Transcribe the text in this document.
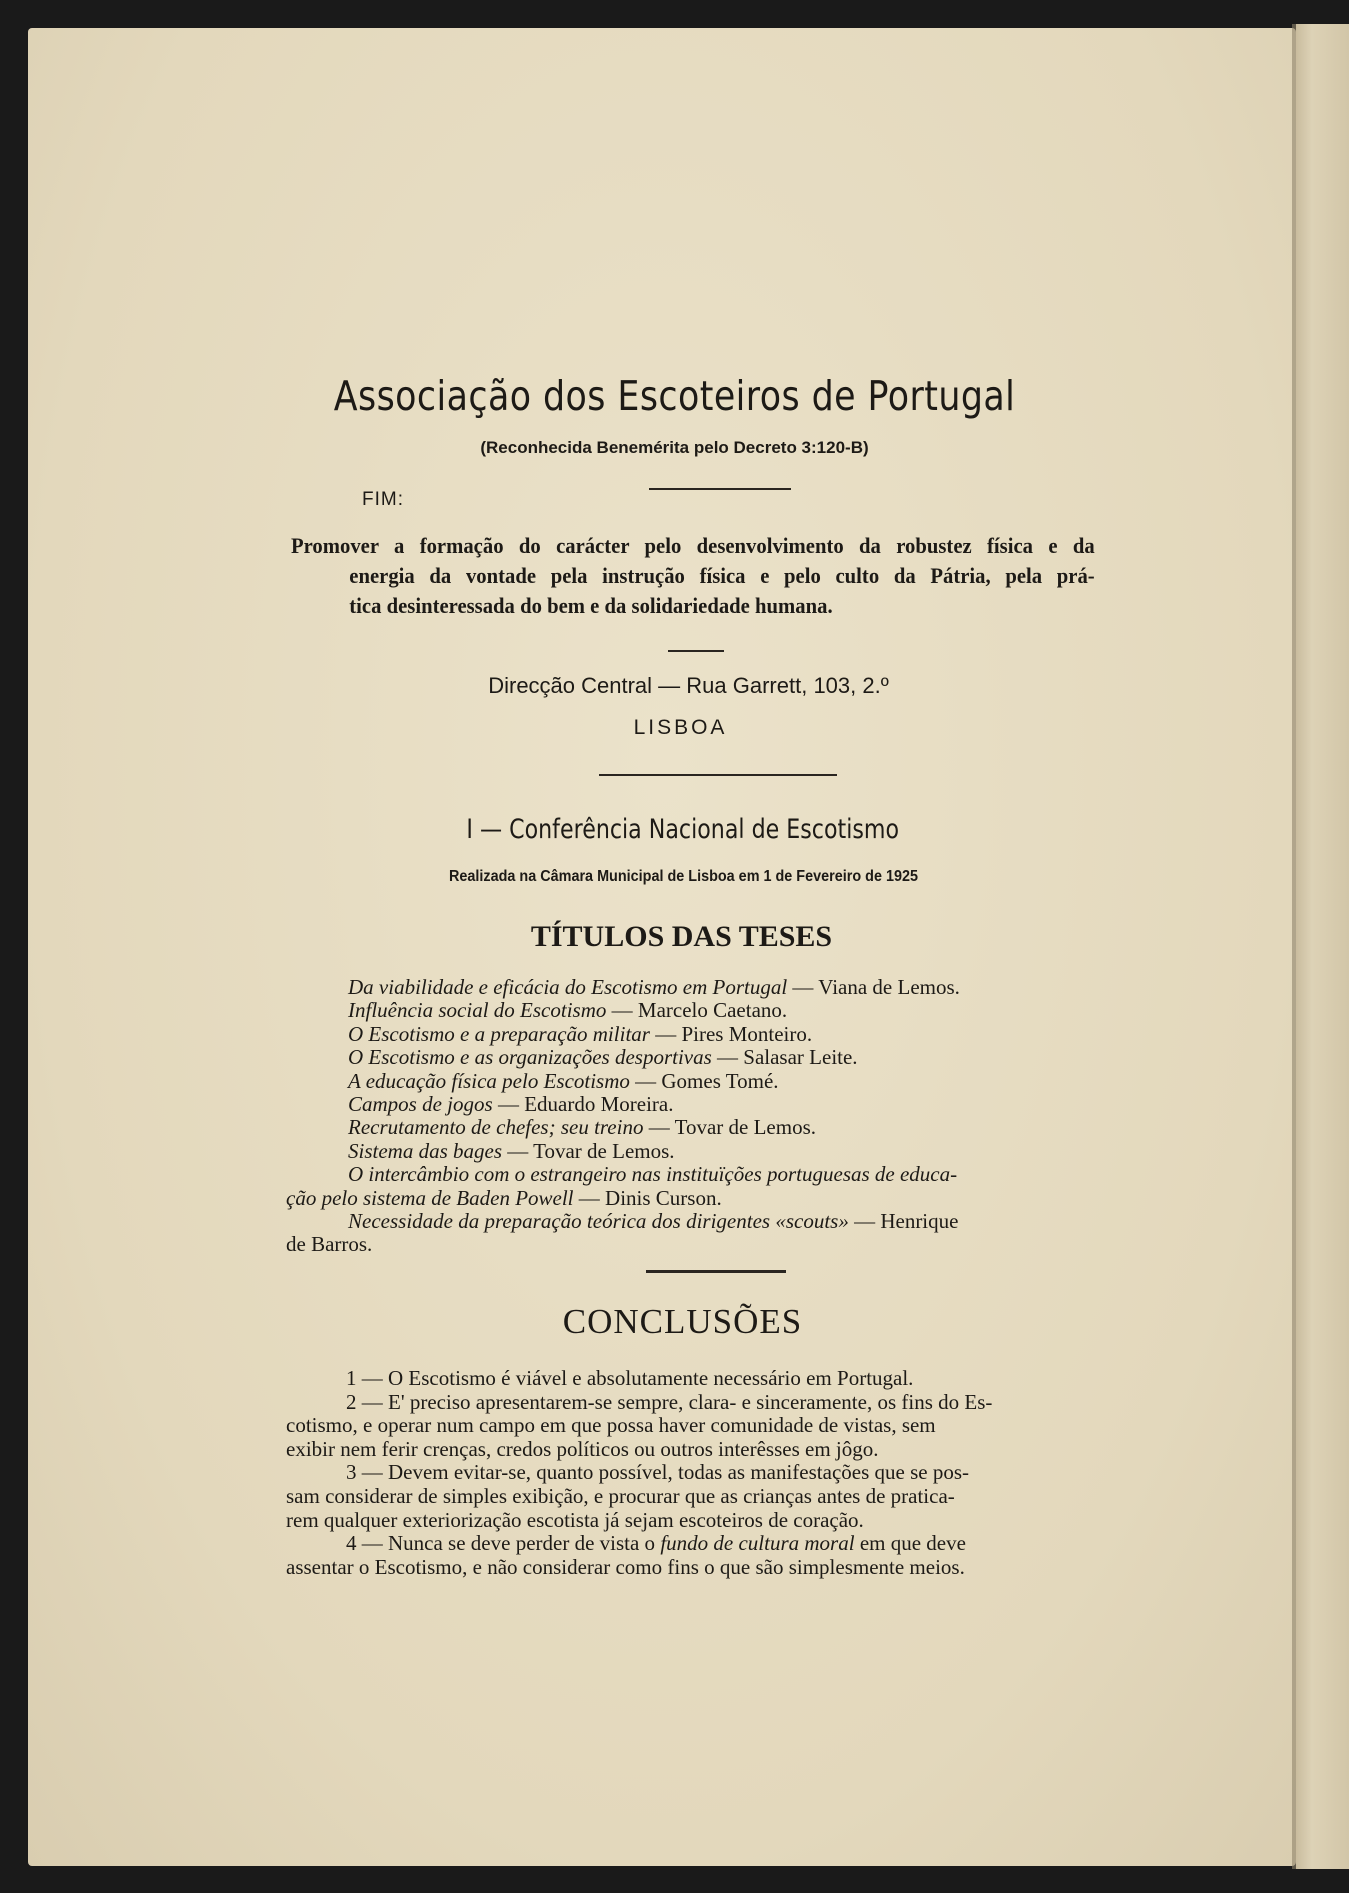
Associação dos Escoteiros de Portugal
(Reconhecida Benemérita pelo Decreto 3:120-B)
FIM:
Promover a formação do carácter pelo desenvolvimento da robustez física e da
energia da vontade pela instrução física e pelo culto da Pátria, pela prá-
tica desinteressada do bem e da solidariedade humana.
Direcção Central — Rua Garrett, 103, 2.º
LISBOA
I — Conferência Nacional de Escotismo
Realizada na Câmara Municipal de Lisboa em 1 de Fevereiro de 1925
TÍTULOS DAS TESES
Da viabilidade e eficácia do Escotismo em Portugal — Viana de Lemos.
Influência social do Escotismo — Marcelo Caetano.
O Escotismo e a preparação militar — Pires Monteiro.
O Escotismo e as organizações desportivas — Salasar Leite.
A educação física pelo Escotismo — Gomes Tomé.
Campos de jogos — Eduardo Moreira.
Recrutamento de chefes; seu treino — Tovar de Lemos.
Sistema das bages — Tovar de Lemos.
O intercâmbio com o estrangeiro nas instituïções portuguesas de educa-
ção pelo sistema de Baden Powell — Dinis Curson.
Necessidade da preparação teórica dos dirigentes «scouts» — Henrique
de Barros.
CONCLUSÕES
1 — O Escotismo é viável e absolutamente necessário em Portugal.
2 — E' preciso apresentarem-se sempre, clara- e sinceramente, os fins do Es-
cotismo, e operar num campo em que possa haver comunidade de vistas, sem
exibir nem ferir crenças, credos políticos ou outros interêsses em jôgo.
3 — Devem evitar-se, quanto possível, todas as manifestações que se pos-
sam considerar de simples exibição, e procurar que as crianças antes de pratica-
rem qualquer exteriorização escotista já sejam escoteiros de coração.
4 — Nunca se deve perder de vista o fundo de cultura moral em que deve
assentar o Escotismo, e não considerar como fins o que são simplesmente meios.
